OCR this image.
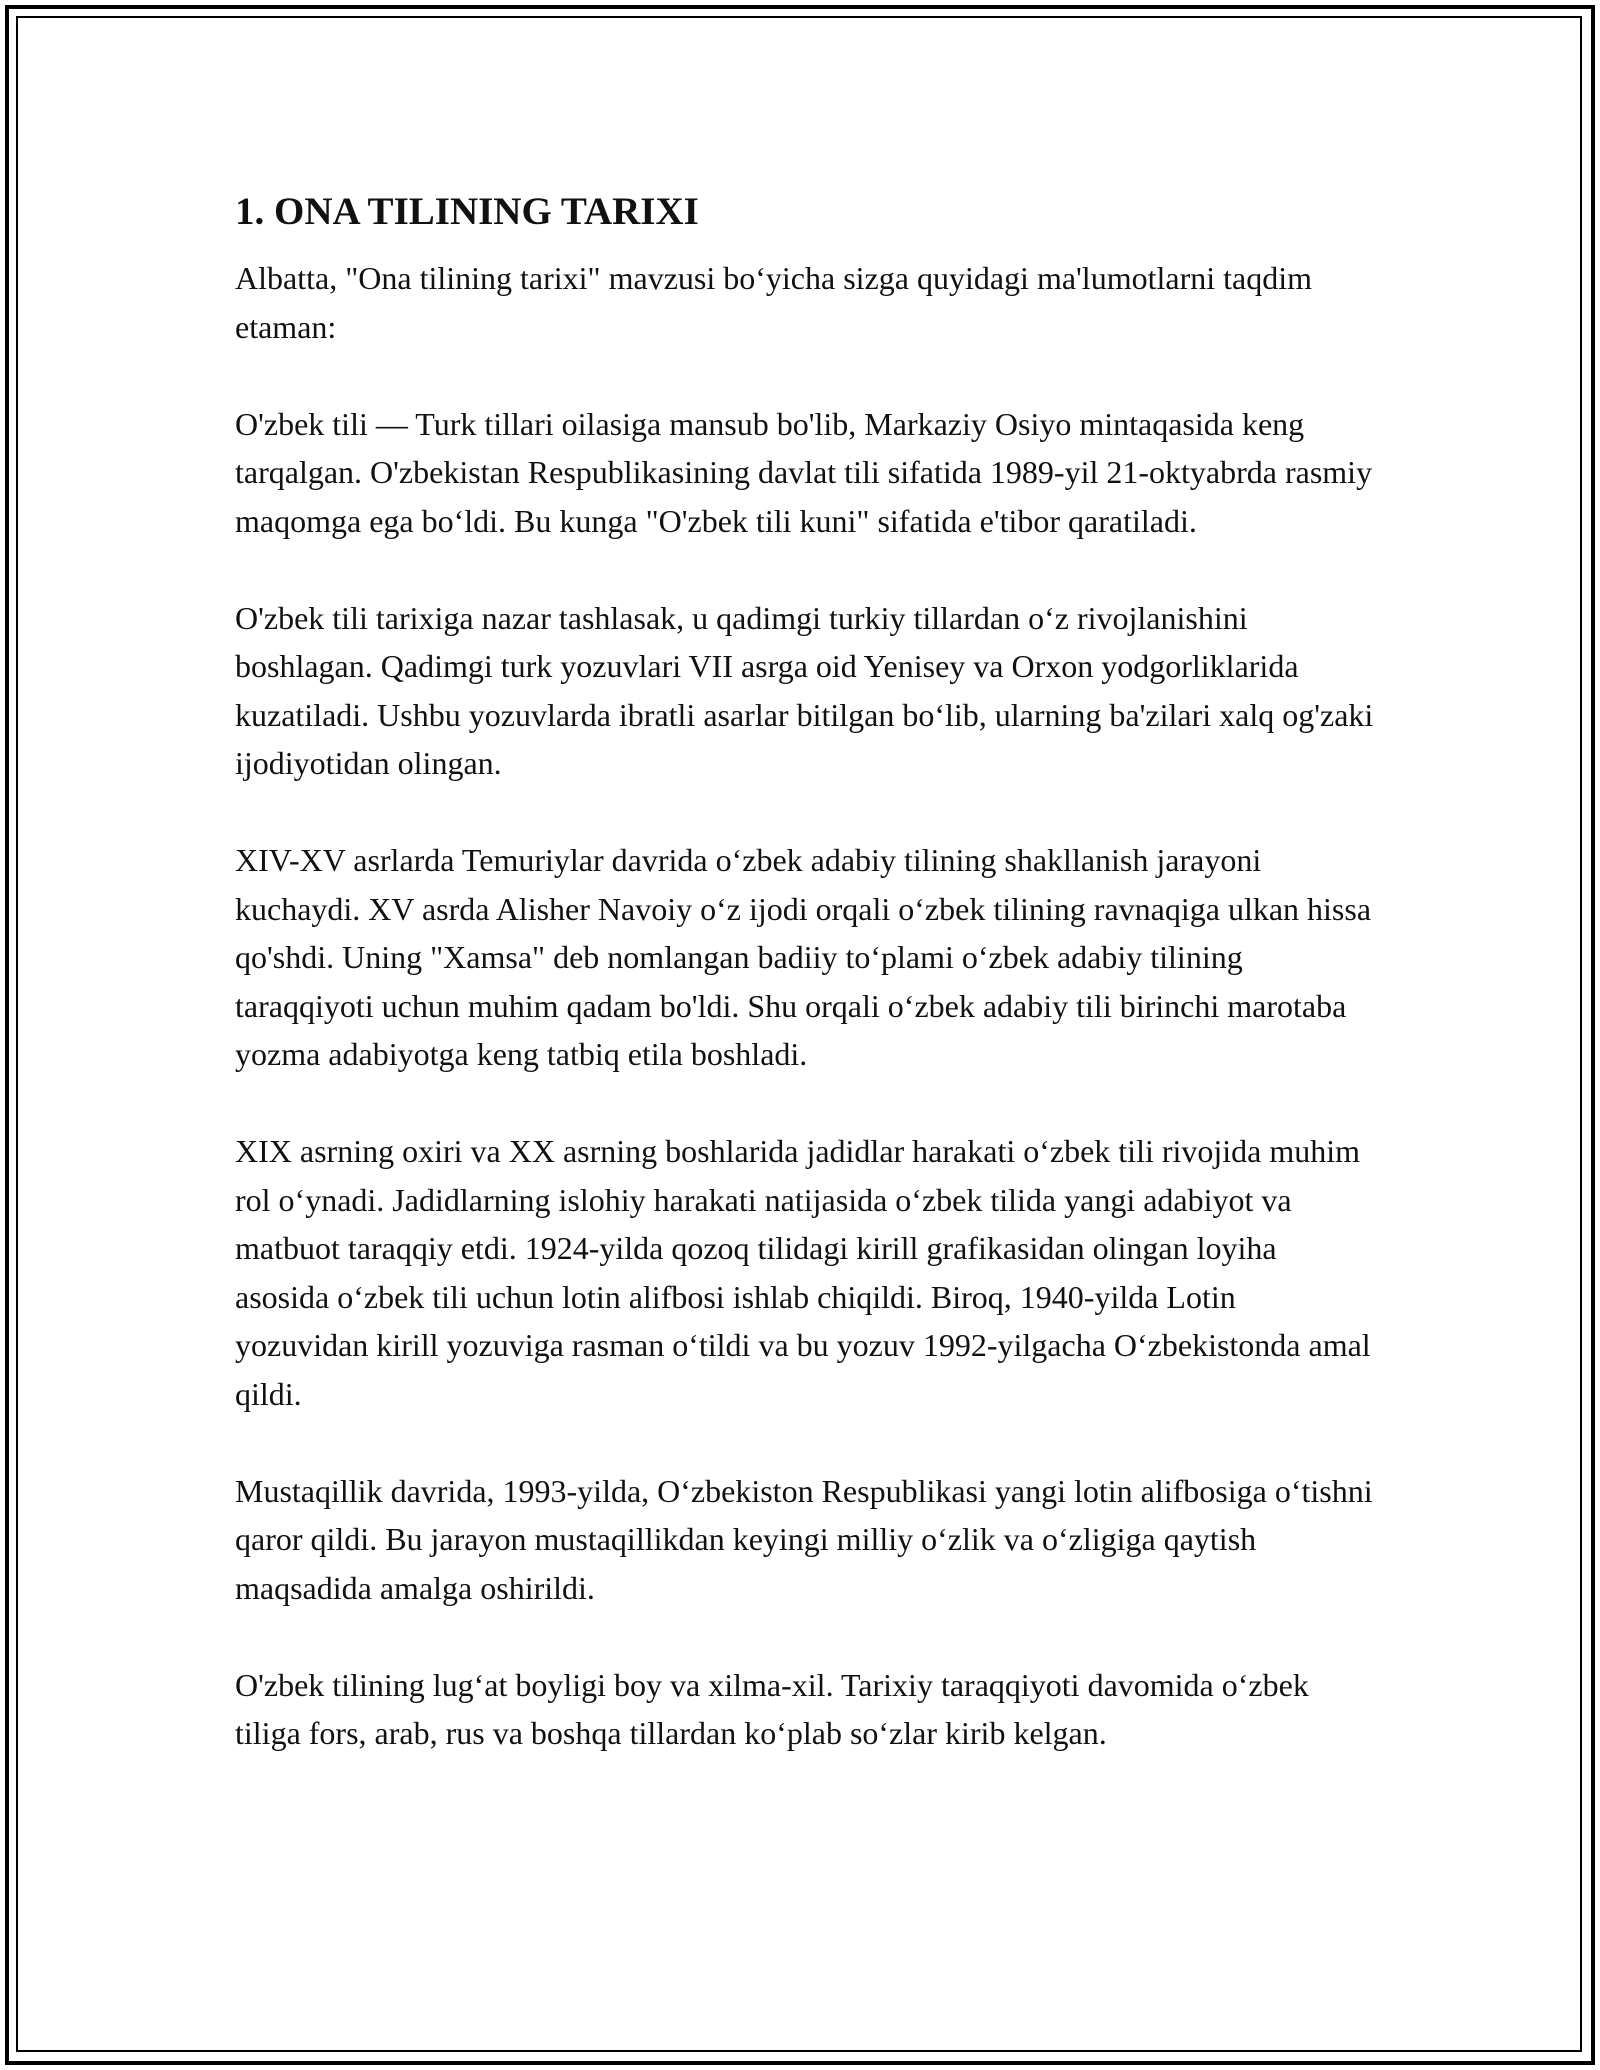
1. ONA TILINING TARIXI

Albatta, "Ona tilining tarixi" mavzusi bo‘yicha sizga quyidagi ma'lumotlarni taqdim etaman:

O'zbek tili — Turk tillari oilasiga mansub bo'lib, Markaziy Osiyo mintaqasida keng tarqalgan. O'zbekistan Respublikasining davlat tili sifatida 1989-yil 21-oktyabrda rasmiy maqomga ega bo‘ldi. Bu kunga "O'zbek tili kuni" sifatida e'tibor qaratiladi.

O'zbek tili tarixiga nazar tashlasak, u qadimgi turkiy tillardan o‘z rivojlanishini boshlagan. Qadimgi turk yozuvlari VII asrga oid Yenisey va Orxon yodgorliklarida kuzatiladi. Ushbu yozuvlarda ibratli asarlar bitilgan bo‘lib, ularning ba'zilari xalq og'zaki ijodiyotidan olingan.

XIV-XV asrlarda Temuriylar davrida o‘zbek adabiy tilining shakllanish jarayoni kuchaydi. XV asrda Alisher Navoiy o‘z ijodi orqali o‘zbek tilining ravnaqiga ulkan hissa qo'shdi. Uning "Xamsa" deb nomlangan badiiy to‘plami o‘zbek adabiy tilining taraqqiyoti uchun muhim qadam bo'ldi. Shu orqali o‘zbek adabiy tili birinchi marotaba yozma adabiyotga keng tatbiq etila boshladi.

XIX asrning oxiri va XX asrning boshlarida jadidlar harakati o‘zbek tili rivojida muhim rol o‘ynadi. Jadidlarning islohiy harakati natijasida o‘zbek tilida yangi adabiyot va matbuot taraqqiy etdi. 1924-yilda qozoq tilidagi kirill grafikasidan olingan loyiha asosida o‘zbek tili uchun lotin alifbosi ishlab chiqildi. Biroq, 1940-yilda Lotin yozuvidan kirill yozuviga rasman o‘tildi va bu yozuv 1992-yilgacha O‘zbekistonda amal qildi.

Mustaqillik davrida, 1993-yilda, O‘zbekiston Respublikasi yangi lotin alifbosiga o‘tishni qaror qildi. Bu jarayon mustaqillikdan keyingi milliy o‘zlik va o‘zligiga qaytish maqsadida amalga oshirildi.

O'zbek tilining lug‘at boyligi boy va xilma-xil. Tarixiy taraqqiyoti davomida o‘zbek tiliga fors, arab, rus va boshqa tillardan ko‘plab so‘zlar kirib kelgan.
